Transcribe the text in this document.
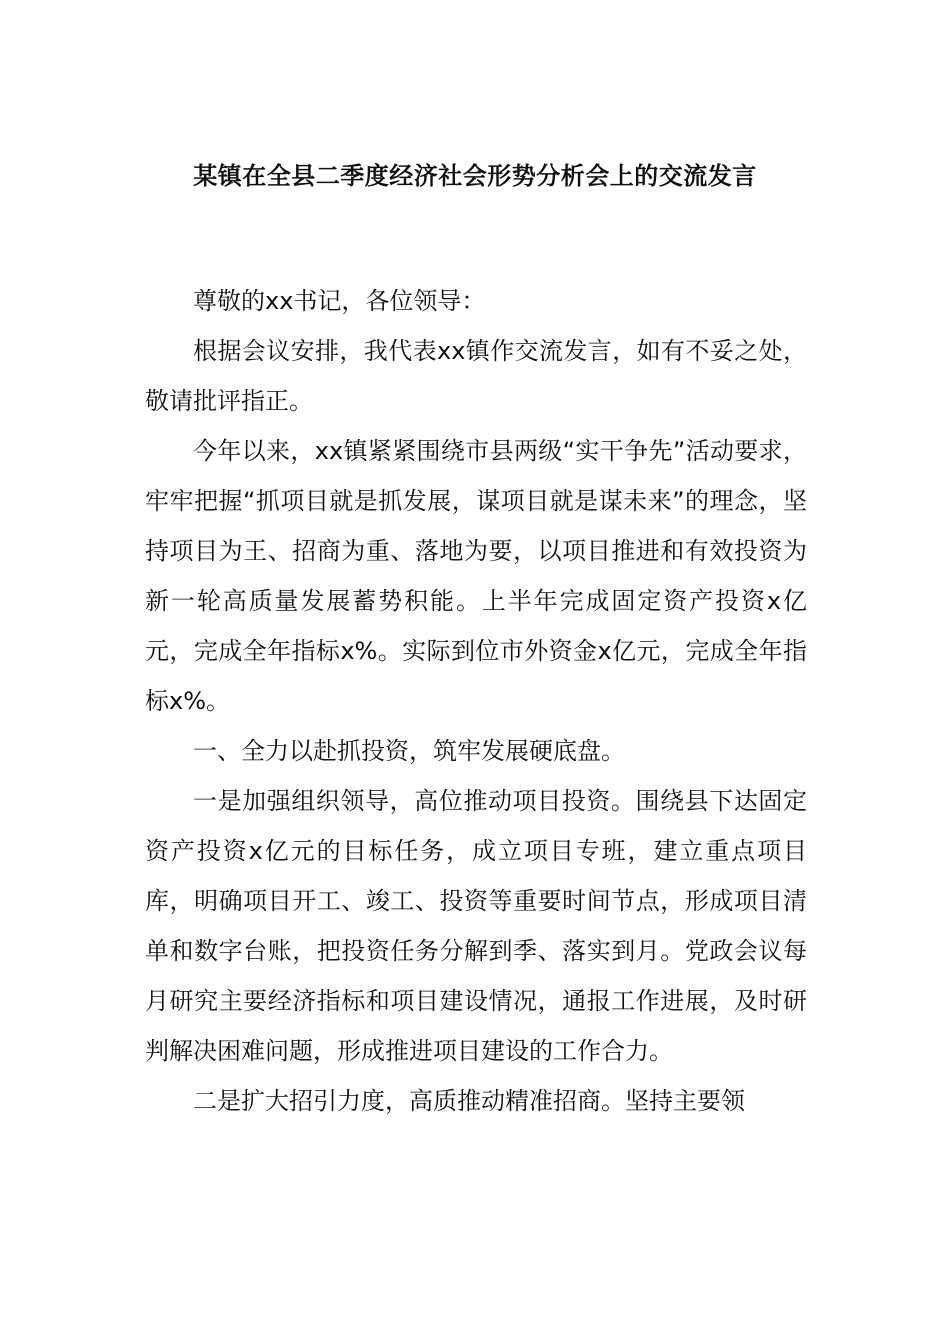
某镇在全县二季度经济社会形势分析会上的交流发言

尊敬的xx书记，各位领导：

根据会议安排，我代表xx镇作交流发言，如有不妥之处，敬请批评指正。

今年以来，xx镇紧紧围绕市县两级“实干争先”活动要求，牢牢把握“抓项目就是抓发展，谋项目就是谋未来”的理念，坚持项目为王、招商为重、落地为要，以项目推进和有效投资为新一轮高质量发展蓄势积能。上半年完成固定资产投资x亿元，完成全年指标x%。实际到位市外资金x亿元，完成全年指标x%。

一、全力以赴抓投资，筑牢发展硬底盘。

一是加强组织领导，高位推动项目投资。围绕县下达固定资产投资x亿元的目标任务，成立项目专班，建立重点项目库，明确项目开工、竣工、投资等重要时间节点，形成项目清单和数字台账，把投资任务分解到季、落实到月。党政会议每月研究主要经济指标和项目建设情况，通报工作进展，及时研判解决困难问题，形成推进项目建设的工作合力。

二是扩大招引力度，高质推动精准招商。坚持主要领
